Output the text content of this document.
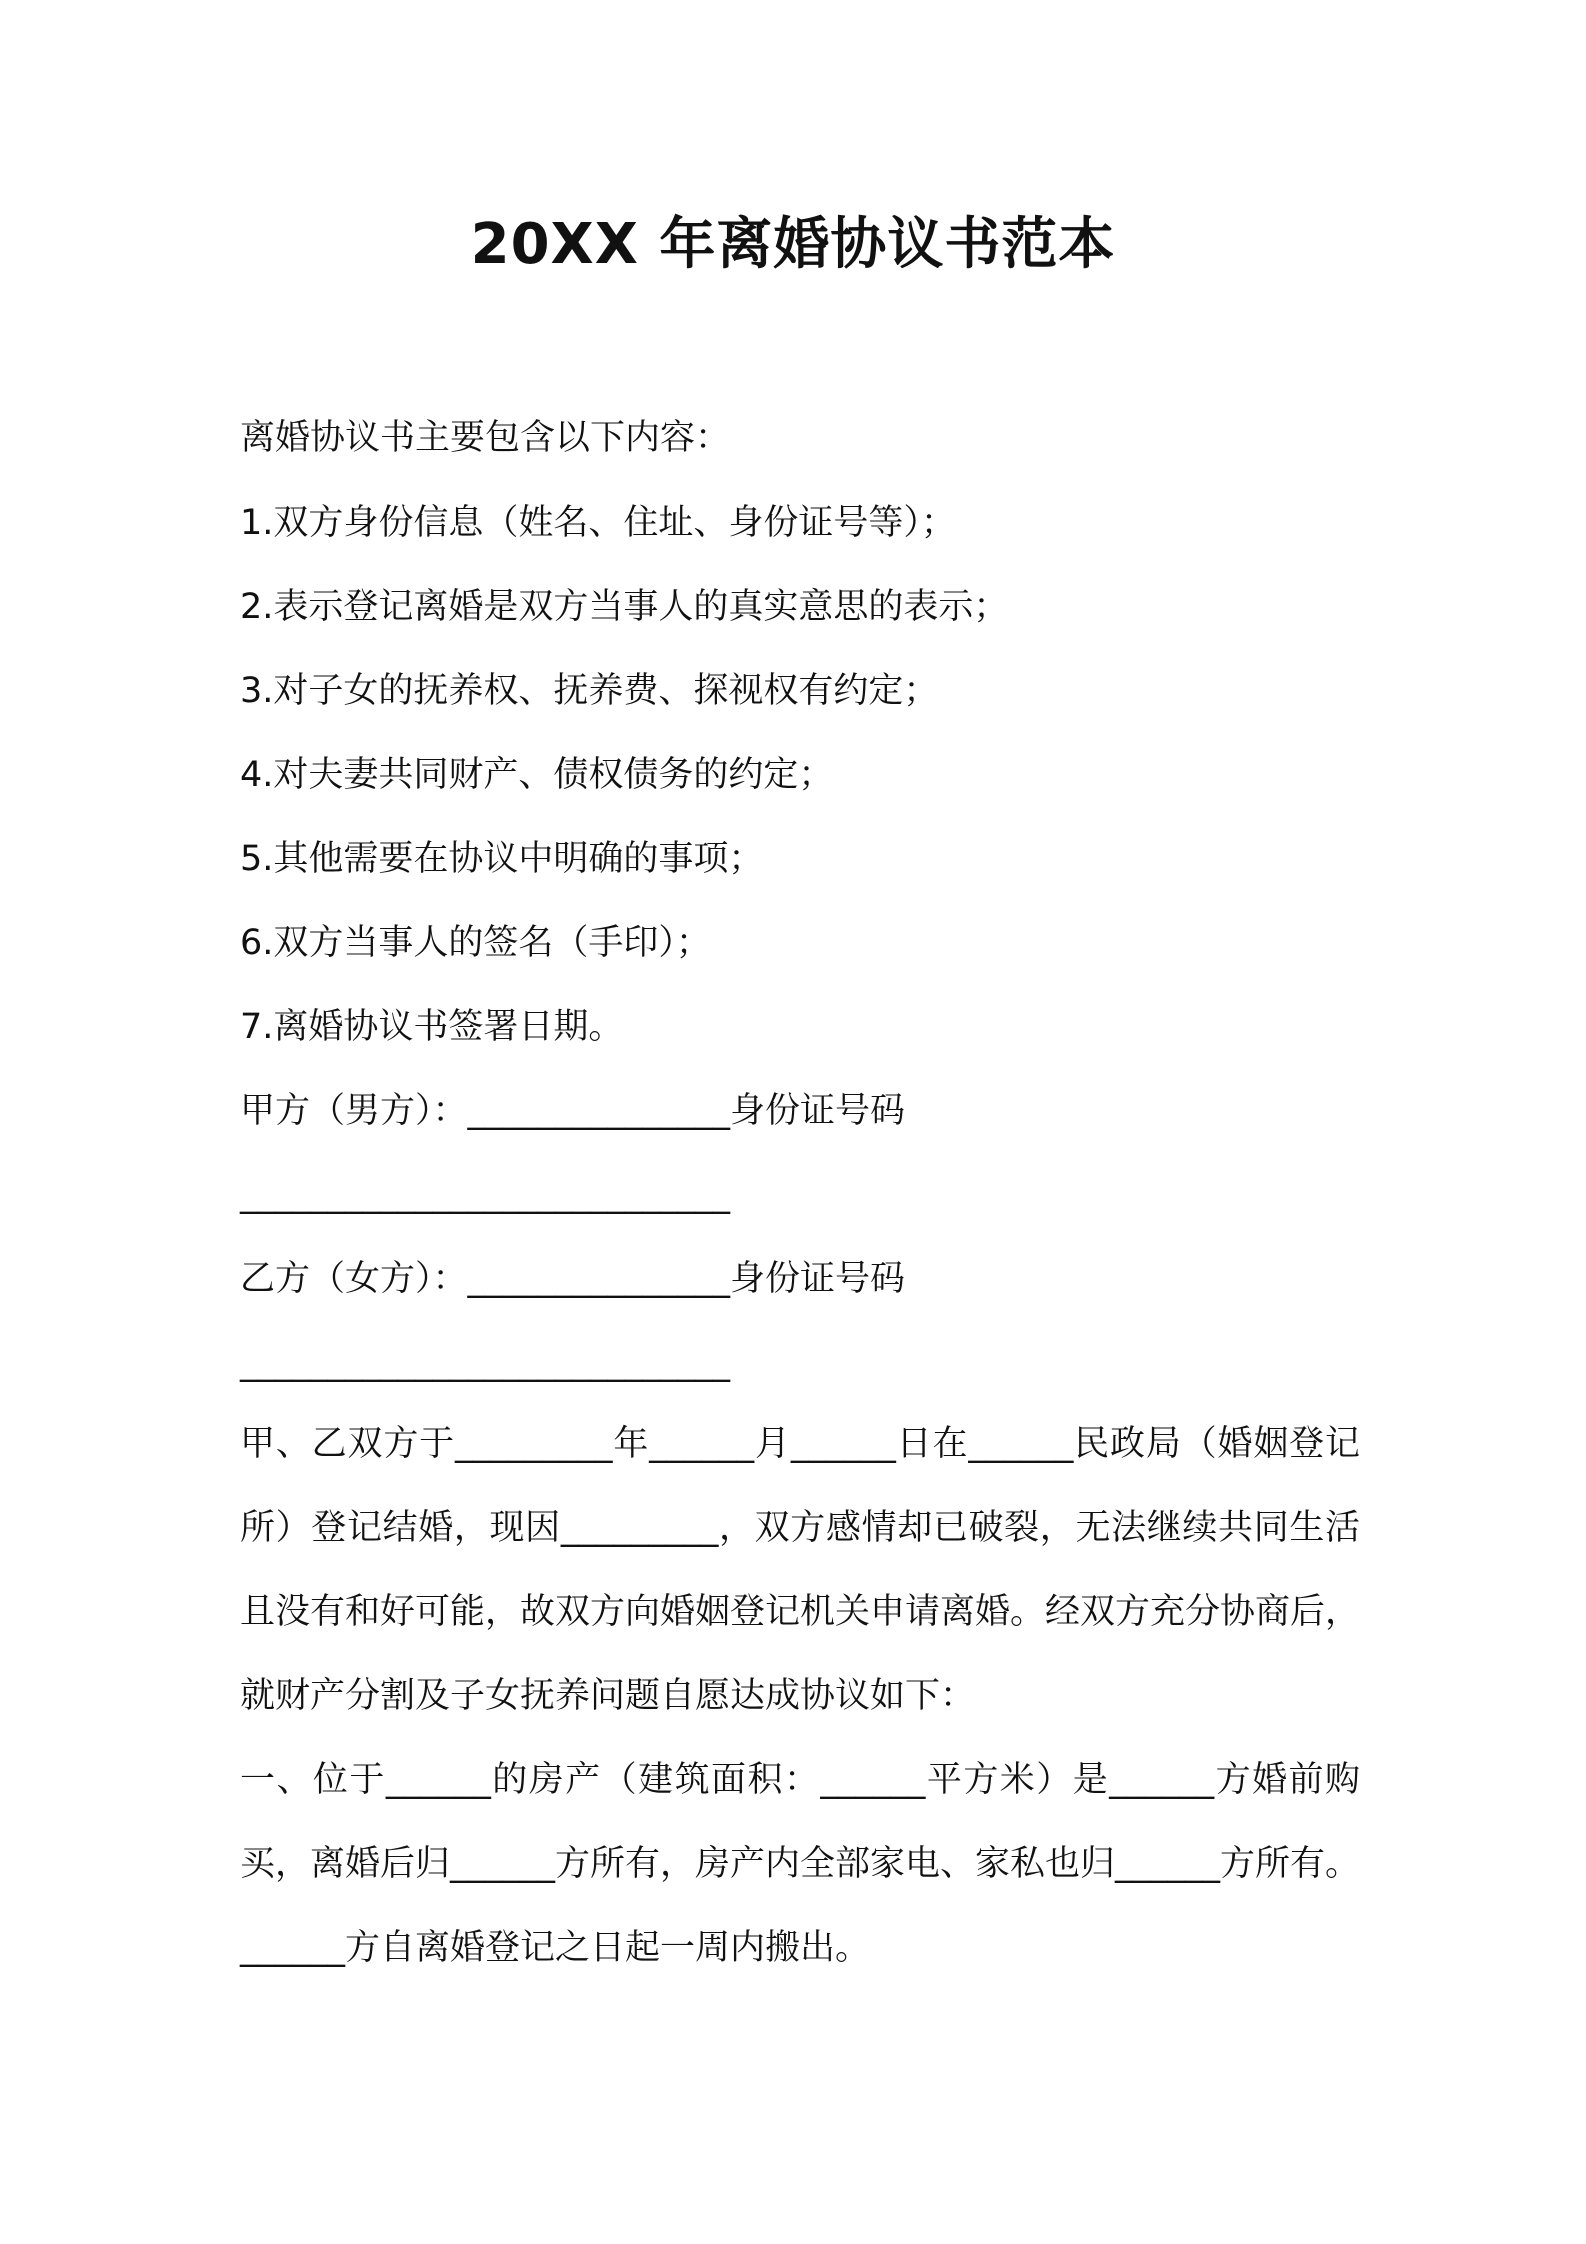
20XX 年离婚协议书范本
离婚协议书主要包含以下内容：
1.双方身份信息（姓名、住址、身份证号等）；
2.表示登记离婚是双方当事人的真实意思的表示；
3.对子女的抚养权、抚养费、探视权有约定；
4.对夫妻共同财产、债权债务的约定；
5.其他需要在协议中明确的事项；
6.双方当事人的签名（手印）；
7.离婚协议书签署日期。
甲方（男方）：_______________身份证号码
____________________________
乙方（女方）：_______________身份证号码
____________________________
甲、乙双方于_________年______月______日在______民政局（婚姻登记所）登记结婚，现因_________，双方感情却已破裂，无法继续共同生活且没有和好可能，故双方向婚姻登记机关申请离婚。经双方充分协商后，就财产分割及子女抚养问题自愿达成协议如下：
一、位于______的房产（建筑面积：______平方米）是______方婚前购买，离婚后归______方所有，房产内全部家电、家私也归______方所有。______方自离婚登记之日起一周内搬出。
